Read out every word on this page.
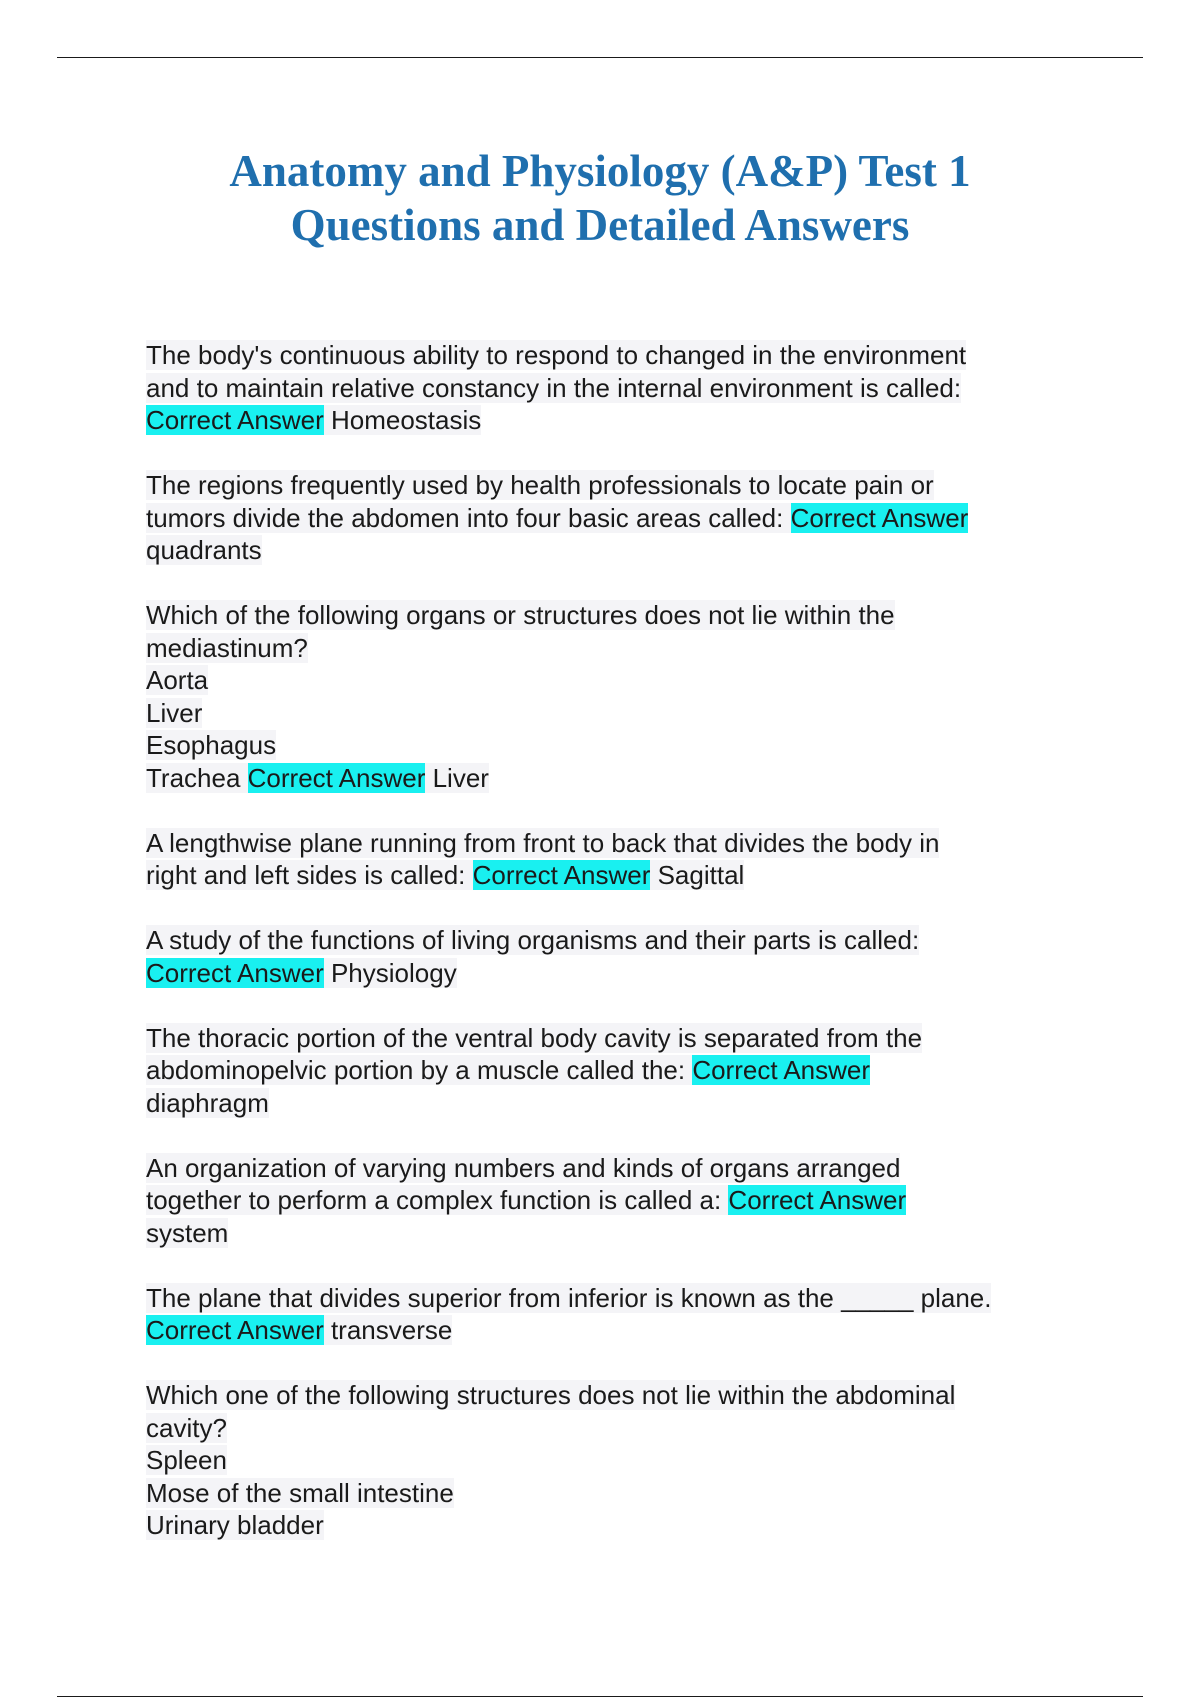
Anatomy and Physiology (A&P) Test 1
Questions and Detailed Answers
The body's continuous ability to respond to changed in the environment
and to maintain relative constancy in the internal environment is called:
Correct Answer Homeostasis
The regions frequently used by health professionals to locate pain or
tumors divide the abdomen into four basic areas called: Correct Answer
quadrants
Which of the following organs or structures does not lie within the
mediastinum?
Aorta
Liver
Esophagus
Trachea Correct Answer Liver
A lengthwise plane running from front to back that divides the body in
right and left sides is called: Correct Answer Sagittal
A study of the functions of living organisms and their parts is called:
Correct Answer Physiology
The thoracic portion of the ventral body cavity is separated from the
abdominopelvic portion by a muscle called the: Correct Answer
diaphragm
An organization of varying numbers and kinds of organs arranged
together to perform a complex function is called a: Correct Answer
system
The plane that divides superior from inferior is known as the _____ plane.
Correct Answer transverse
Which one of the following structures does not lie within the abdominal
cavity?
Spleen
Mose of the small intestine
Urinary bladder
